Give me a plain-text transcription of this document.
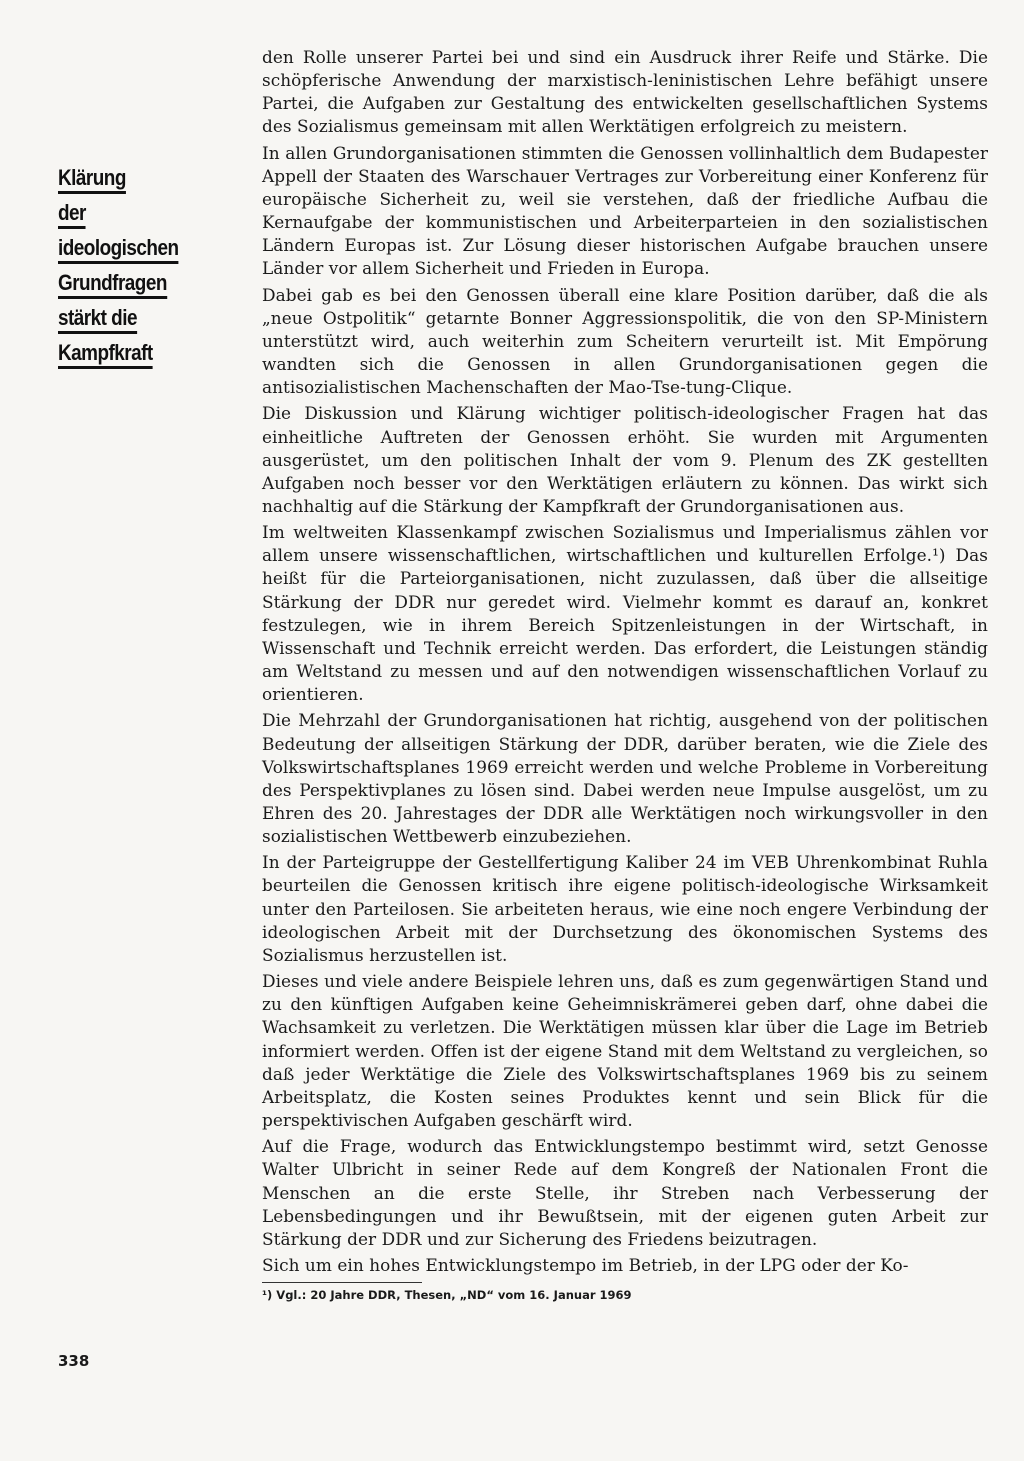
Klärung

der

ideologischen

Grundfragen

stärkt die

Kampfkraft

den Rolle unserer Partei bei und sind ein Ausdruck ihrer Reife und Stärke. Die schöpferische Anwendung der marxistisch-leninistischen Lehre befähigt unsere Partei, die Aufgaben zur Gestaltung des entwickelten gesellschaftlichen Systems des Sozialismus gemeinsam mit allen Werktätigen erfolgreich zu meistern.

In allen Grundorganisationen stimmten die Genossen vollinhaltlich dem Budapester Appell der Staaten des Warschauer Vertrages zur Vorbereitung einer Konferenz für europäische Sicherheit zu, weil sie verstehen, daß der friedliche Aufbau die Kernaufgabe der kommunistischen und Arbeiterparteien in den sozialistischen Ländern Europas ist. Zur Lösung dieser historischen Aufgabe brauchen unsere Länder vor allem Sicherheit und Frieden in Europa.

Dabei gab es bei den Genossen überall eine klare Position darüber, daß die als „neue Ostpolitik“ getarnte Bonner Aggressionspolitik, die von den SP-Ministern unterstützt wird, auch weiterhin zum Scheitern verurteilt ist. Mit Empörung wandten sich die Genossen in allen Grundorganisationen gegen die antisozialistischen Machenschaften der Mao-Tse-tung-Clique.

Die Diskussion und Klärung wichtiger politisch-ideologischer Fragen hat das einheitliche Auftreten der Genossen erhöht. Sie wurden mit Argumenten ausgerüstet, um den politischen Inhalt der vom 9. Plenum des ZK gestellten Aufgaben noch besser vor den Werktätigen erläutern zu können. Das wirkt sich nachhaltig auf die Stärkung der Kampfkraft der Grundorganisationen aus.

Im weltweiten Klassenkampf zwischen Sozialismus und Imperialismus zählen vor allem unsere wissenschaftlichen, wirtschaftlichen und kulturellen Erfolge.¹) Das heißt für die Parteiorganisationen, nicht zuzulassen, daß über die allseitige Stärkung der DDR nur geredet wird. Vielmehr kommt es darauf an, konkret festzulegen, wie in ihrem Bereich Spitzenleistungen in der Wirtschaft, in Wissenschaft und Technik erreicht werden. Das erfordert, die Leistungen ständig am Weltstand zu messen und auf den notwendigen wissenschaftlichen Vorlauf zu orientieren.

Die Mehrzahl der Grundorganisationen hat richtig, ausgehend von der politischen Bedeutung der allseitigen Stärkung der DDR, darüber beraten, wie die Ziele des Volkswirtschaftsplanes 1969 erreicht werden und welche Probleme in Vorbereitung des Perspektivplanes zu lösen sind. Dabei werden neue Impulse ausgelöst, um zu Ehren des 20. Jahrestages der DDR alle Werktätigen noch wirkungsvoller in den sozialistischen Wettbewerb einzubeziehen.

In der Parteigruppe der Gestellfertigung Kaliber 24 im VEB Uhrenkombinat Ruhla beurteilen die Genossen kritisch ihre eigene politisch-ideologische Wirksamkeit unter den Parteilosen. Sie arbeiteten heraus, wie eine noch engere Verbindung der ideologischen Arbeit mit der Durchsetzung des ökonomischen Systems des Sozialismus herzustellen ist.

Dieses und viele andere Beispiele lehren uns, daß es zum gegenwärtigen Stand und zu den künftigen Aufgaben keine Geheimniskrämerei geben darf, ohne dabei die Wachsamkeit zu verletzen. Die Werktätigen müssen klar über die Lage im Betrieb informiert werden. Offen ist der eigene Stand mit dem Weltstand zu vergleichen, so daß jeder Werktätige die Ziele des Volkswirtschaftsplanes 1969 bis zu seinem Arbeitsplatz, die Kosten seines Produktes kennt und sein Blick für die perspektivischen Aufgaben geschärft wird.

Auf die Frage, wodurch das Entwicklungstempo bestimmt wird, setzt Genosse Walter Ulbricht in seiner Rede auf dem Kongreß der Nationalen Front die Menschen an die erste Stelle, ihr Streben nach Verbesserung der Lebensbedingungen und ihr Bewußtsein, mit der eigenen guten Arbeit zur Stärkung der DDR und zur Sicherung des Friedens beizutragen.

Sich um ein hohes Entwicklungstempo im Betrieb, in der LPG oder der Ko-

¹) Vgl.: 20 Jahre DDR, Thesen, „ND“ vom 16. Januar 1969

338
